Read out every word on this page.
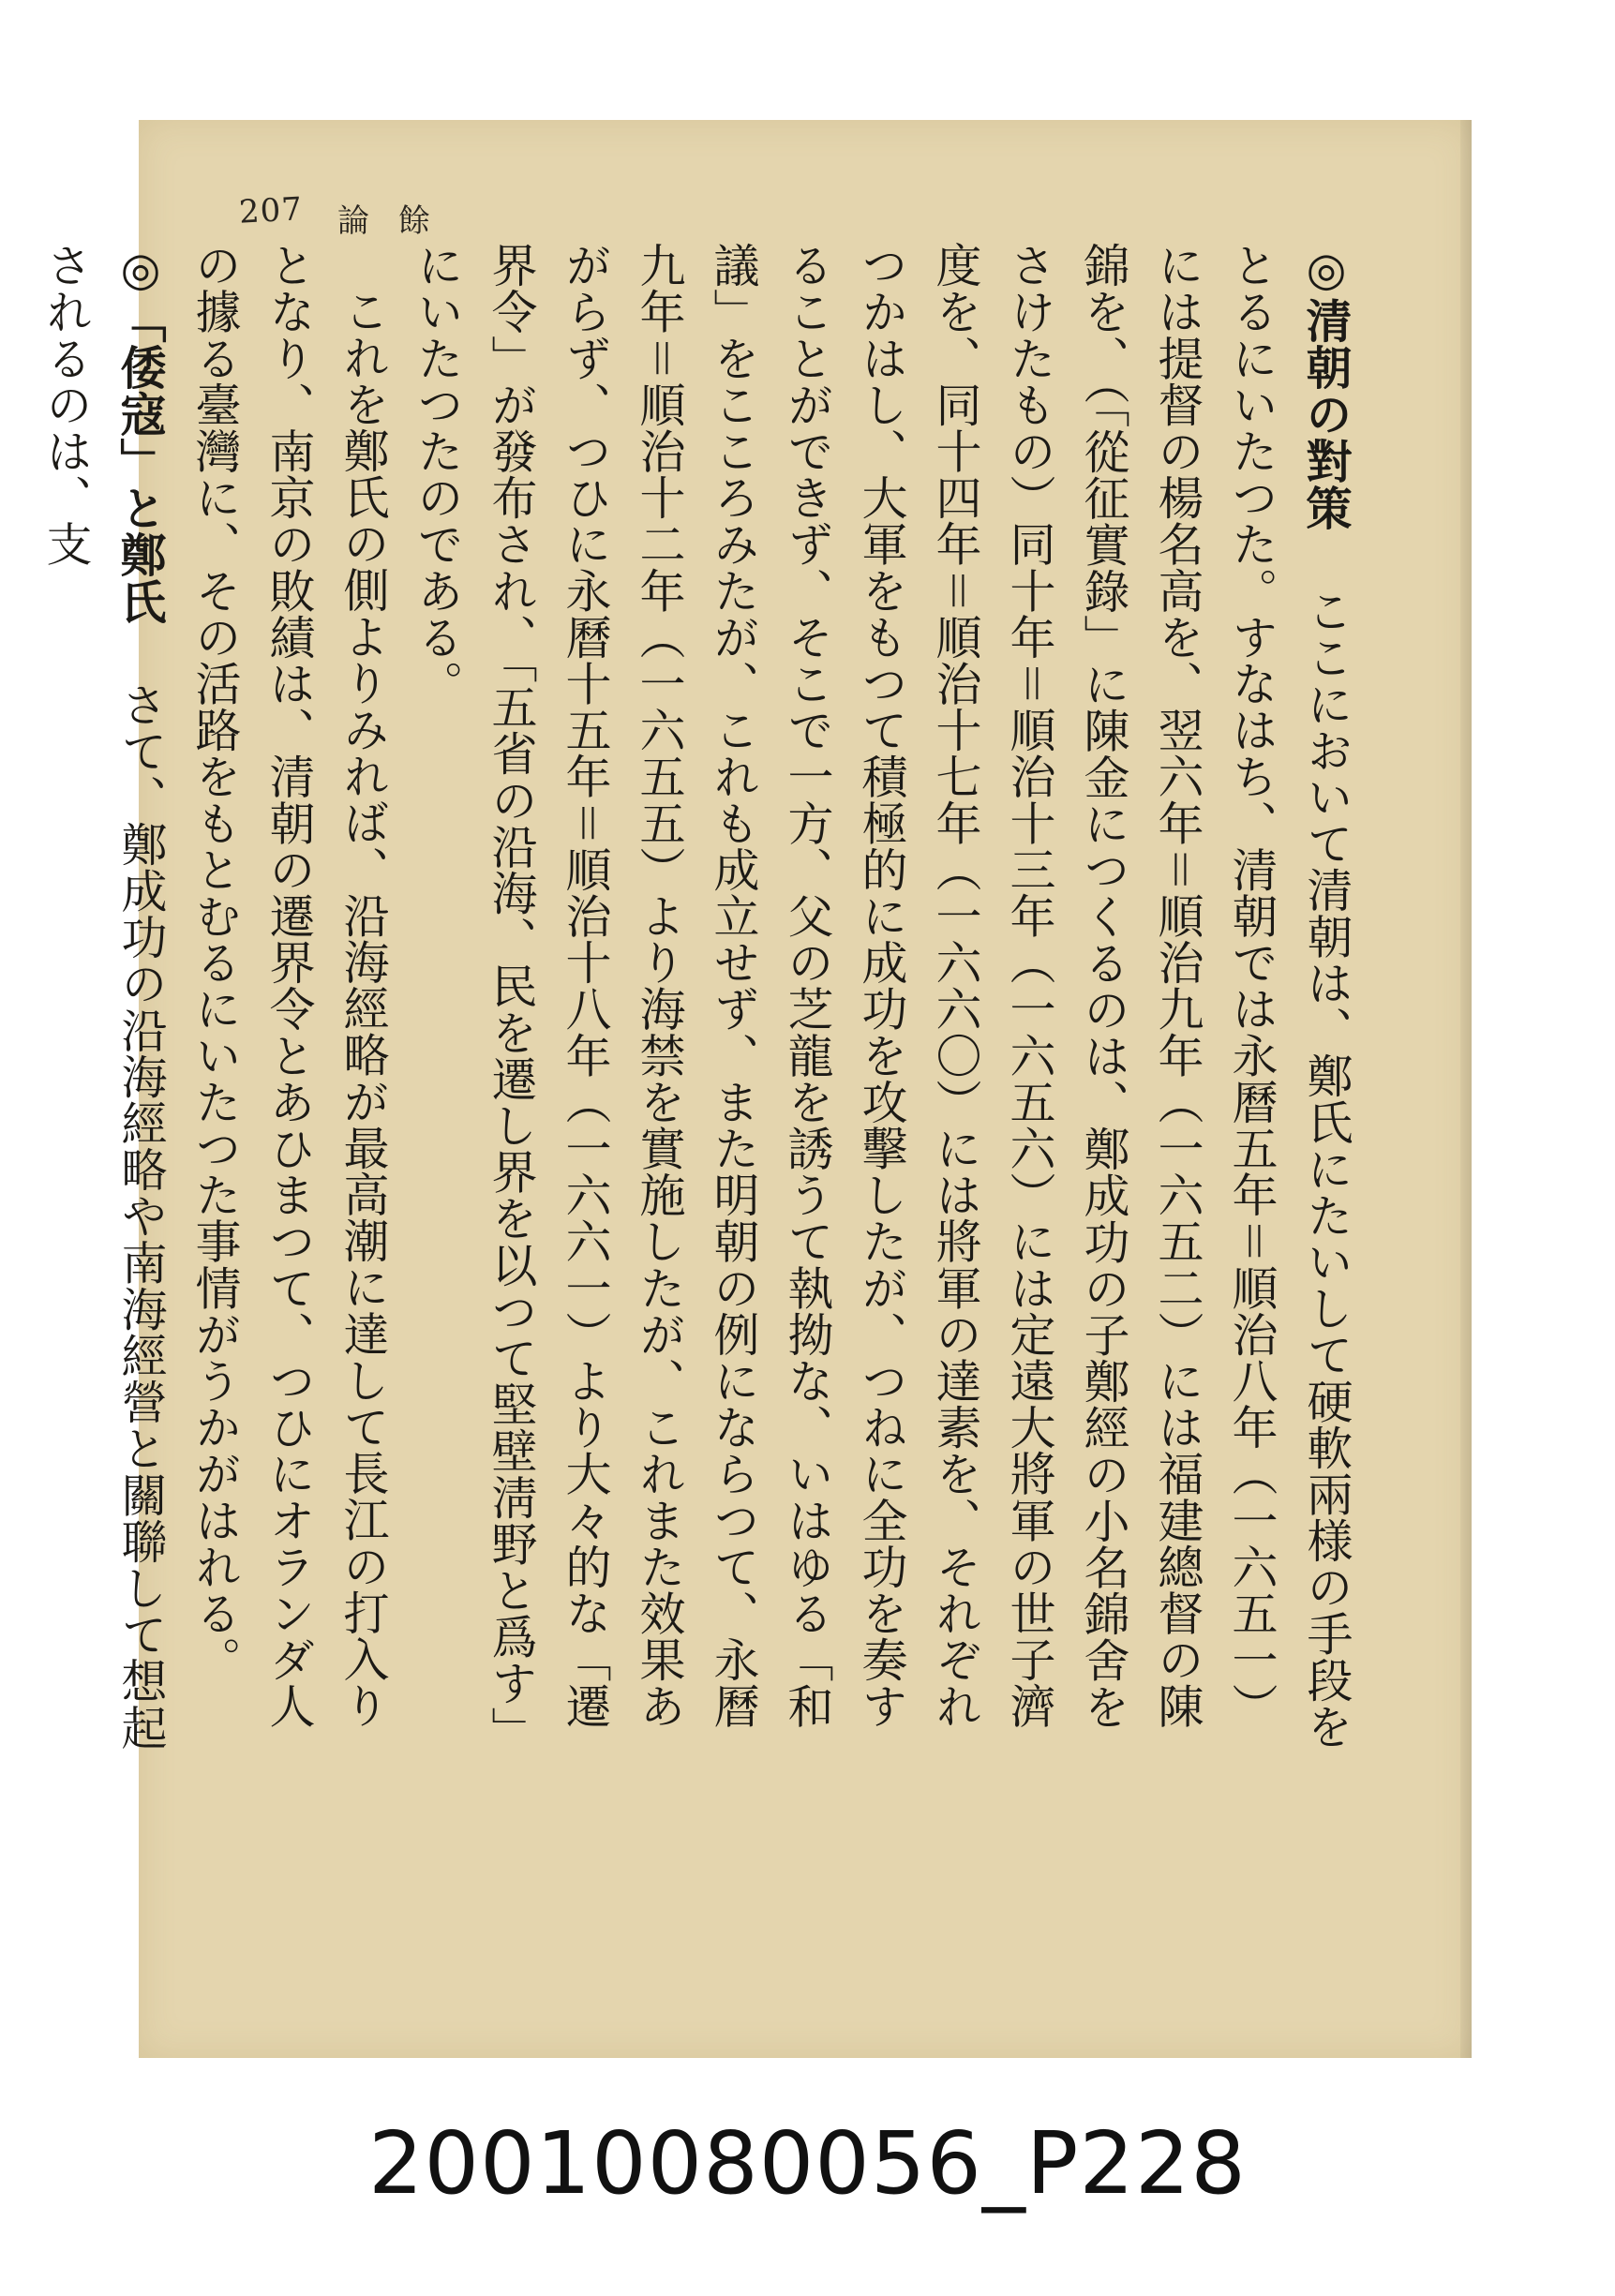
207 論 餘

◎清朝の對策ここにおいて清朝は、鄭氏にたいして硬軟兩様の手段をとるにいたつた。すなはち、清朝では永曆五年＝順治八年（一六五一）には提督の楊名高を、翌六年＝順治九年（一六五二）には福建總督の陳錦を、（「從征實錄」に陳金につくるのは、鄭成功の子鄭經の小名錦舍をさけたもの）同十年＝順治十三年（一六五六）には定遠大將軍の世子濟度を、同十四年＝順治十七年（一六六〇）には將軍の達素を、それぞれつかはし、大軍をもつて積極的に成功を攻擊したが、つねに全功を奏することができず、そこで一方、父の芝龍を誘うて執拗な、いはゆる「和議」をこころみたが、これも成立せず、また明朝の例にならつて、永曆九年＝順治十二年（一六五五）より海禁を實施したが、これまた效果あがらず、つひに永曆十五年＝順治十八年（一六六一）より大々的な「遷界令」が發布され、「五省の沿海、民を遷し界を以つて堅壁淸野と爲す」にいたつたのである。

これを鄭氏の側よりみれば、沿海經略が最高潮に達して長江の打入りとなり、南京の敗績は、清朝の遷界令とあひまつて、つひにオランダ人の據る臺灣に、その活路をもとむるにいたつた事情がうかがはれる。

◎「倭寇」と鄭氏さて、鄭成功の沿海經略や南海經營と關聯して想起されるのは、支

20010080056_P228
